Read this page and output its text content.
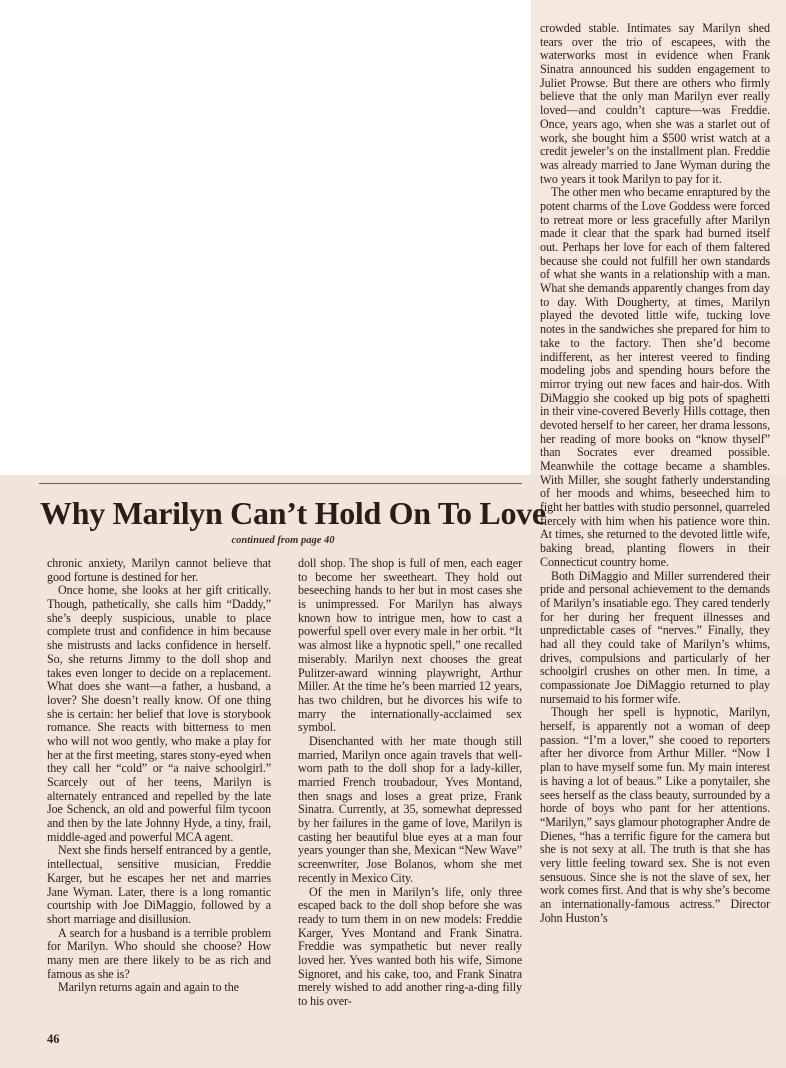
crowded stable. Intimates say Marilyn shed tears over the trio of escapees, with the waterworks most in evidence when Frank Sinatra announced his sudden engagement to Juliet Prowse. But there are others who firmly believe that the only man Marilyn ever really loved—and couldn’t capture—was Freddie. Once, years ago, when she was a starlet out of work, she bought him a $500 wrist watch at a credit jeweler’s on the installment plan. Freddie was already married to Jane Wyman during the two years it took Marilyn to pay for it.

The other men who became enraptured by the potent charms of the Love Goddess were forced to retreat more or less gracefully after Marilyn made it clear that the spark had burned itself out. Perhaps her love for each of them faltered because she could not fulfill her own standards of what she wants in a relationship with a man. What she demands apparently changes from day to day. With Dougherty, at times, Marilyn played the devoted little wife, tucking love notes in the sandwiches she prepared for him to take to the factory. Then she’d become indifferent, as her interest veered to finding modeling jobs and spending hours before the mirror trying out new faces and hair-dos. With DiMaggio she cooked up big pots of spaghetti in their vine-covered Beverly Hills cottage, then devoted herself to her career, her drama lessons, her reading of more books on “know thyself” than Socrates ever dreamed possible. Meanwhile the cottage became a shambles. With Miller, she sought fatherly understanding of her moods and whims, beseeched him to fight her battles with studio personnel, quarreled fiercely with him when his patience wore thin. At times, she returned to the devoted little wife, baking bread, planting flowers in their Connecticut country home.

Both DiMaggio and Miller surrendered their pride and personal achievement to the demands of Marilyn’s insatiable ego. They cared tenderly for her during her frequent illnesses and unpredictable cases of “nerves.” Finally, they had all they could take of Marilyn’s whims, drives, compulsions and particularly of her schoolgirl crushes on other men. In time, a compassionate Joe DiMaggio returned to play nursemaid to his former wife.

Though her spell is hypnotic, Marilyn, herself, is apparently not a woman of deep passion. “I’m a lover,” she cooed to reporters after her divorce from Arthur Miller. “Now I plan to have myself some fun. My main interest is having a lot of beaus.” Like a ponytailer, she sees herself as the class beauty, surrounded by a horde of boys who pant for her attentions. “Marilyn,” says glamour photographer Andre de Dienes, “has a terrific figure for the camera but she is not sexy at all. The truth is that she has very little feeling toward sex. She is not even sensuous. Since she is not the slave of sex, her work comes first. And that is why she’s become an internationally-famous actress.” Director John Huston’s

Why Marilyn Can’t Hold On To Love
continued from page 40

chronic anxiety, Marilyn cannot believe that good fortune is destined for her.

Once home, she looks at her gift critically. Though, pathetically, she calls him “Daddy,” she’s deeply suspicious, unable to place complete trust and confidence in him because she mistrusts and lacks confidence in herself. So, she returns Jimmy to the doll shop and takes even longer to decide on a replacement. What does she want—a father, a husband, a lover? She doesn’t really know. Of one thing she is certain: her belief that love is storybook romance. She reacts with bitterness to men who will not woo gently, who make a play for her at the first meeting, stares stony-eyed when they call her “cold” or “a naive schoolgirl.” Scarcely out of her teens, Marilyn is alternately entranced and repelled by the late Joe Schenck, an old and powerful film tycoon and then by the late Johnny Hyde, a tiny, frail, middle-aged and powerful MCA agent.

Next she finds herself entranced by a gentle, intellectual, sensitive musician, Freddie Karger, but he escapes her net and marries Jane Wyman. Later, there is a long romantic courtship with Joe DiMaggio, followed by a short marriage and disillusion.

A search for a husband is a terrible problem for Marilyn. Who should she choose? How many men are there likely to be as rich and famous as she is?

Marilyn returns again and again to the

doll shop. The shop is full of men, each eager to become her sweetheart. They hold out beseeching hands to her but in most cases she is unimpressed. For Marilyn has always known how to intrigue men, how to cast a powerful spell over every male in her orbit. “It was almost like a hypnotic spell,” one recalled miserably. Marilyn next chooses the great Pulitzer-award winning playwright, Arthur Miller. At the time he’s been married 12 years, has two children, but he divorces his wife to marry the internationally-acclaimed sex symbol.

Disenchanted with her mate though still married, Marilyn once again travels that well-worn path to the doll shop for a lady-killer, married French troubadour, Yves Montand, then snags and loses a great prize, Frank Sinatra. Currently, at 35, somewhat depressed by her failures in the game of love, Marilyn is casting her beautiful blue eyes at a man four years younger than she, Mexican “New Wave” screenwriter, Jose Bolanos, whom she met recently in Mexico City.

Of the men in Marilyn’s life, only three escaped back to the doll shop before she was ready to turn them in on new models: Freddie Karger, Yves Montand and Frank Sinatra. Freddie was sympathetic but never really loved her. Yves wanted both his wife, Simone Signoret, and his cake, too, and Frank Sinatra merely wished to add another ring-a-ding filly to his over-

46
